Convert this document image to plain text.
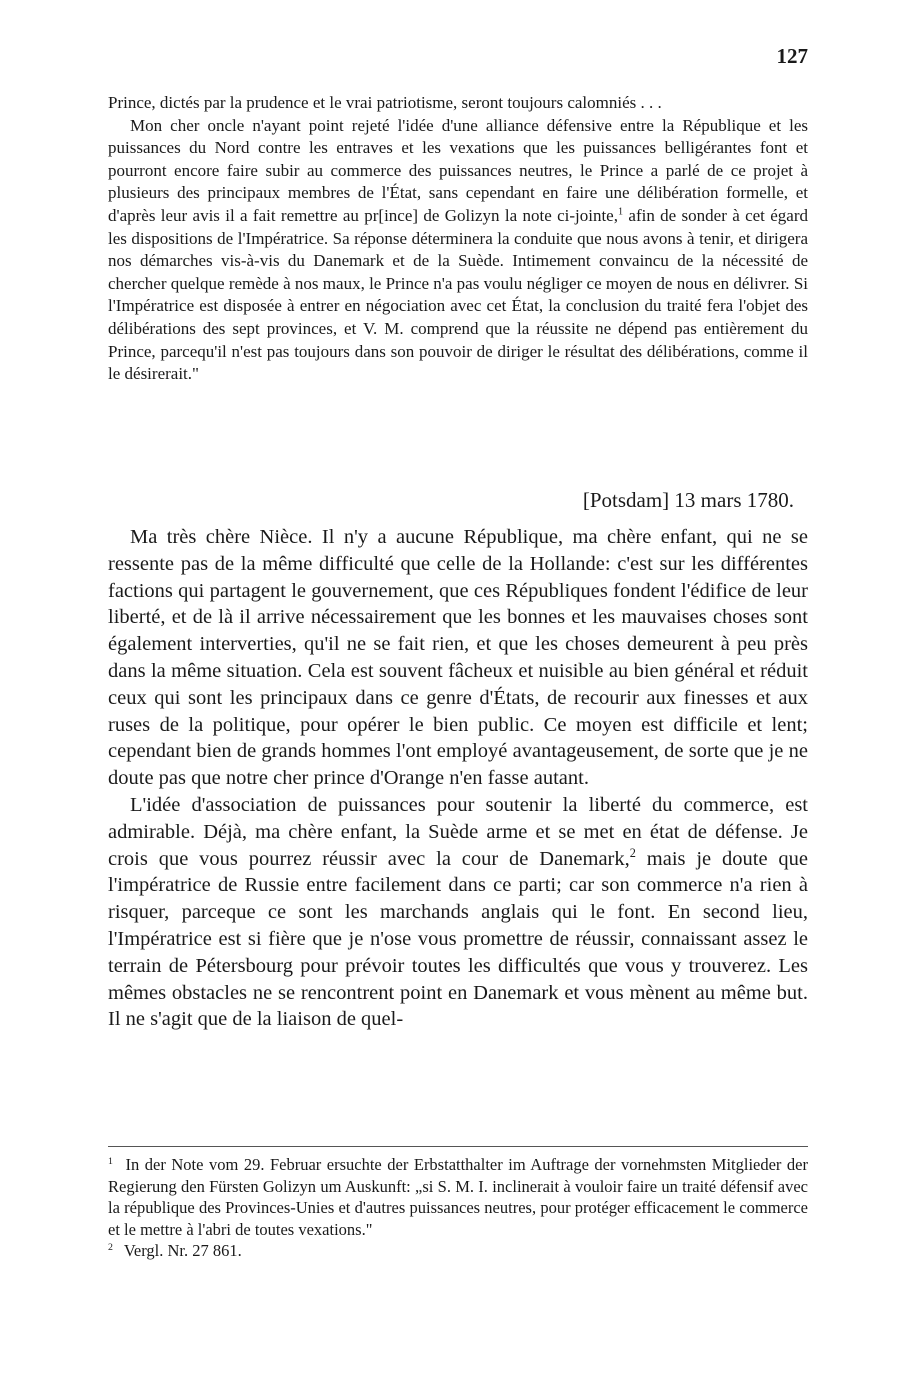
127

Prince, dictés par la prudence et le vrai patriotisme, seront toujours calomniés . . .

Mon cher oncle n'ayant point rejeté l'idée d'une alliance défensive entre la République et les puissances du Nord contre les entraves et les vexations que les puissances belligérantes font et pourront encore faire subir au commerce des puissances neutres, le Prince a parlé de ce projet à plusieurs des principaux membres de l'État, sans cependant en faire une délibération formelle, et d'après leur avis il a fait remettre au pr[ince] de Golizyn la note ci-jointe,$^1$ afin de sonder à cet égard les dispositions de l'Impératrice. Sa réponse déterminera la conduite que nous avons à tenir, et dirigera nos démarches vis-à-vis du Danemark et de la Suède. Intimement convaincu de la nécessité de chercher quelque remède à nos maux, le Prince n'a pas voulu négliger ce moyen de nous en délivrer. Si l'Impératrice est disposée à entrer en négociation avec cet État, la conclusion du traité fera l'objet des délibérations des sept provinces, et V. M. comprend que la réussite ne dépend pas entièrement du Prince, parcequ'il n'est pas toujours dans son pouvoir de diriger le résultat des délibérations, comme il le désirerait."

[Potsdam] 13 mars 1780.

Ma très chère Nièce. Il n'y a aucune République, ma chère enfant, qui ne se ressente pas de la même difficulté que celle de la Hollande: c'est sur les différentes factions qui partagent le gouvernement, que ces Républiques fondent l'édifice de leur liberté, et de là il arrive nécessairement que les bonnes et les mauvaises choses sont également interverties, qu'il ne se fait rien, et que les choses demeurent à peu près dans la même situation. Cela est souvent fâcheux et nuisible au bien général et réduit ceux qui sont les principaux dans ce genre d'États, de recourir aux finesses et aux ruses de la politique, pour opérer le bien public. Ce moyen est difficile et lent; cependant bien de grands hommes l'ont employé avantageusement, de sorte que je ne doute pas que notre cher prince d'Orange n'en fasse autant.

L'idée d'association de puissances pour soutenir la liberté du commerce, est admirable. Déjà, ma chère enfant, la Suède arme et se met en état de défense. Je crois que vous pourrez réussir avec la cour de Danemark,$^2$ mais je doute que l'impératrice de Russie entre facilement dans ce parti; car son commerce n'a rien à risquer, parceque ce sont les marchands anglais qui le font. En second lieu, l'Impératrice est si fière que je n'ose vous promettre de réussir, connaissant assez le terrain de Pétersbourg pour prévoir toutes les difficultés que vous y trouverez. Les mêmes obstacles ne se rencontrent point en Danemark et vous mènent au même but. Il ne s'agit que de la liaison de quel-

$^1$ In der Note vom 29. Februar ersuchte der Erbstatthalter im Auftrage der vornehmsten Mitglieder der Regierung den Fürsten Golizyn um Auskunft: „si S. M. I. inclinerait à vouloir faire un traité défensif avec la république des Provinces-Unies et d'autres puissances neutres, pour protéger efficacement le commerce et le mettre à l'abri de toutes vexations."

$^2$ Vergl. Nr. 27 861.
